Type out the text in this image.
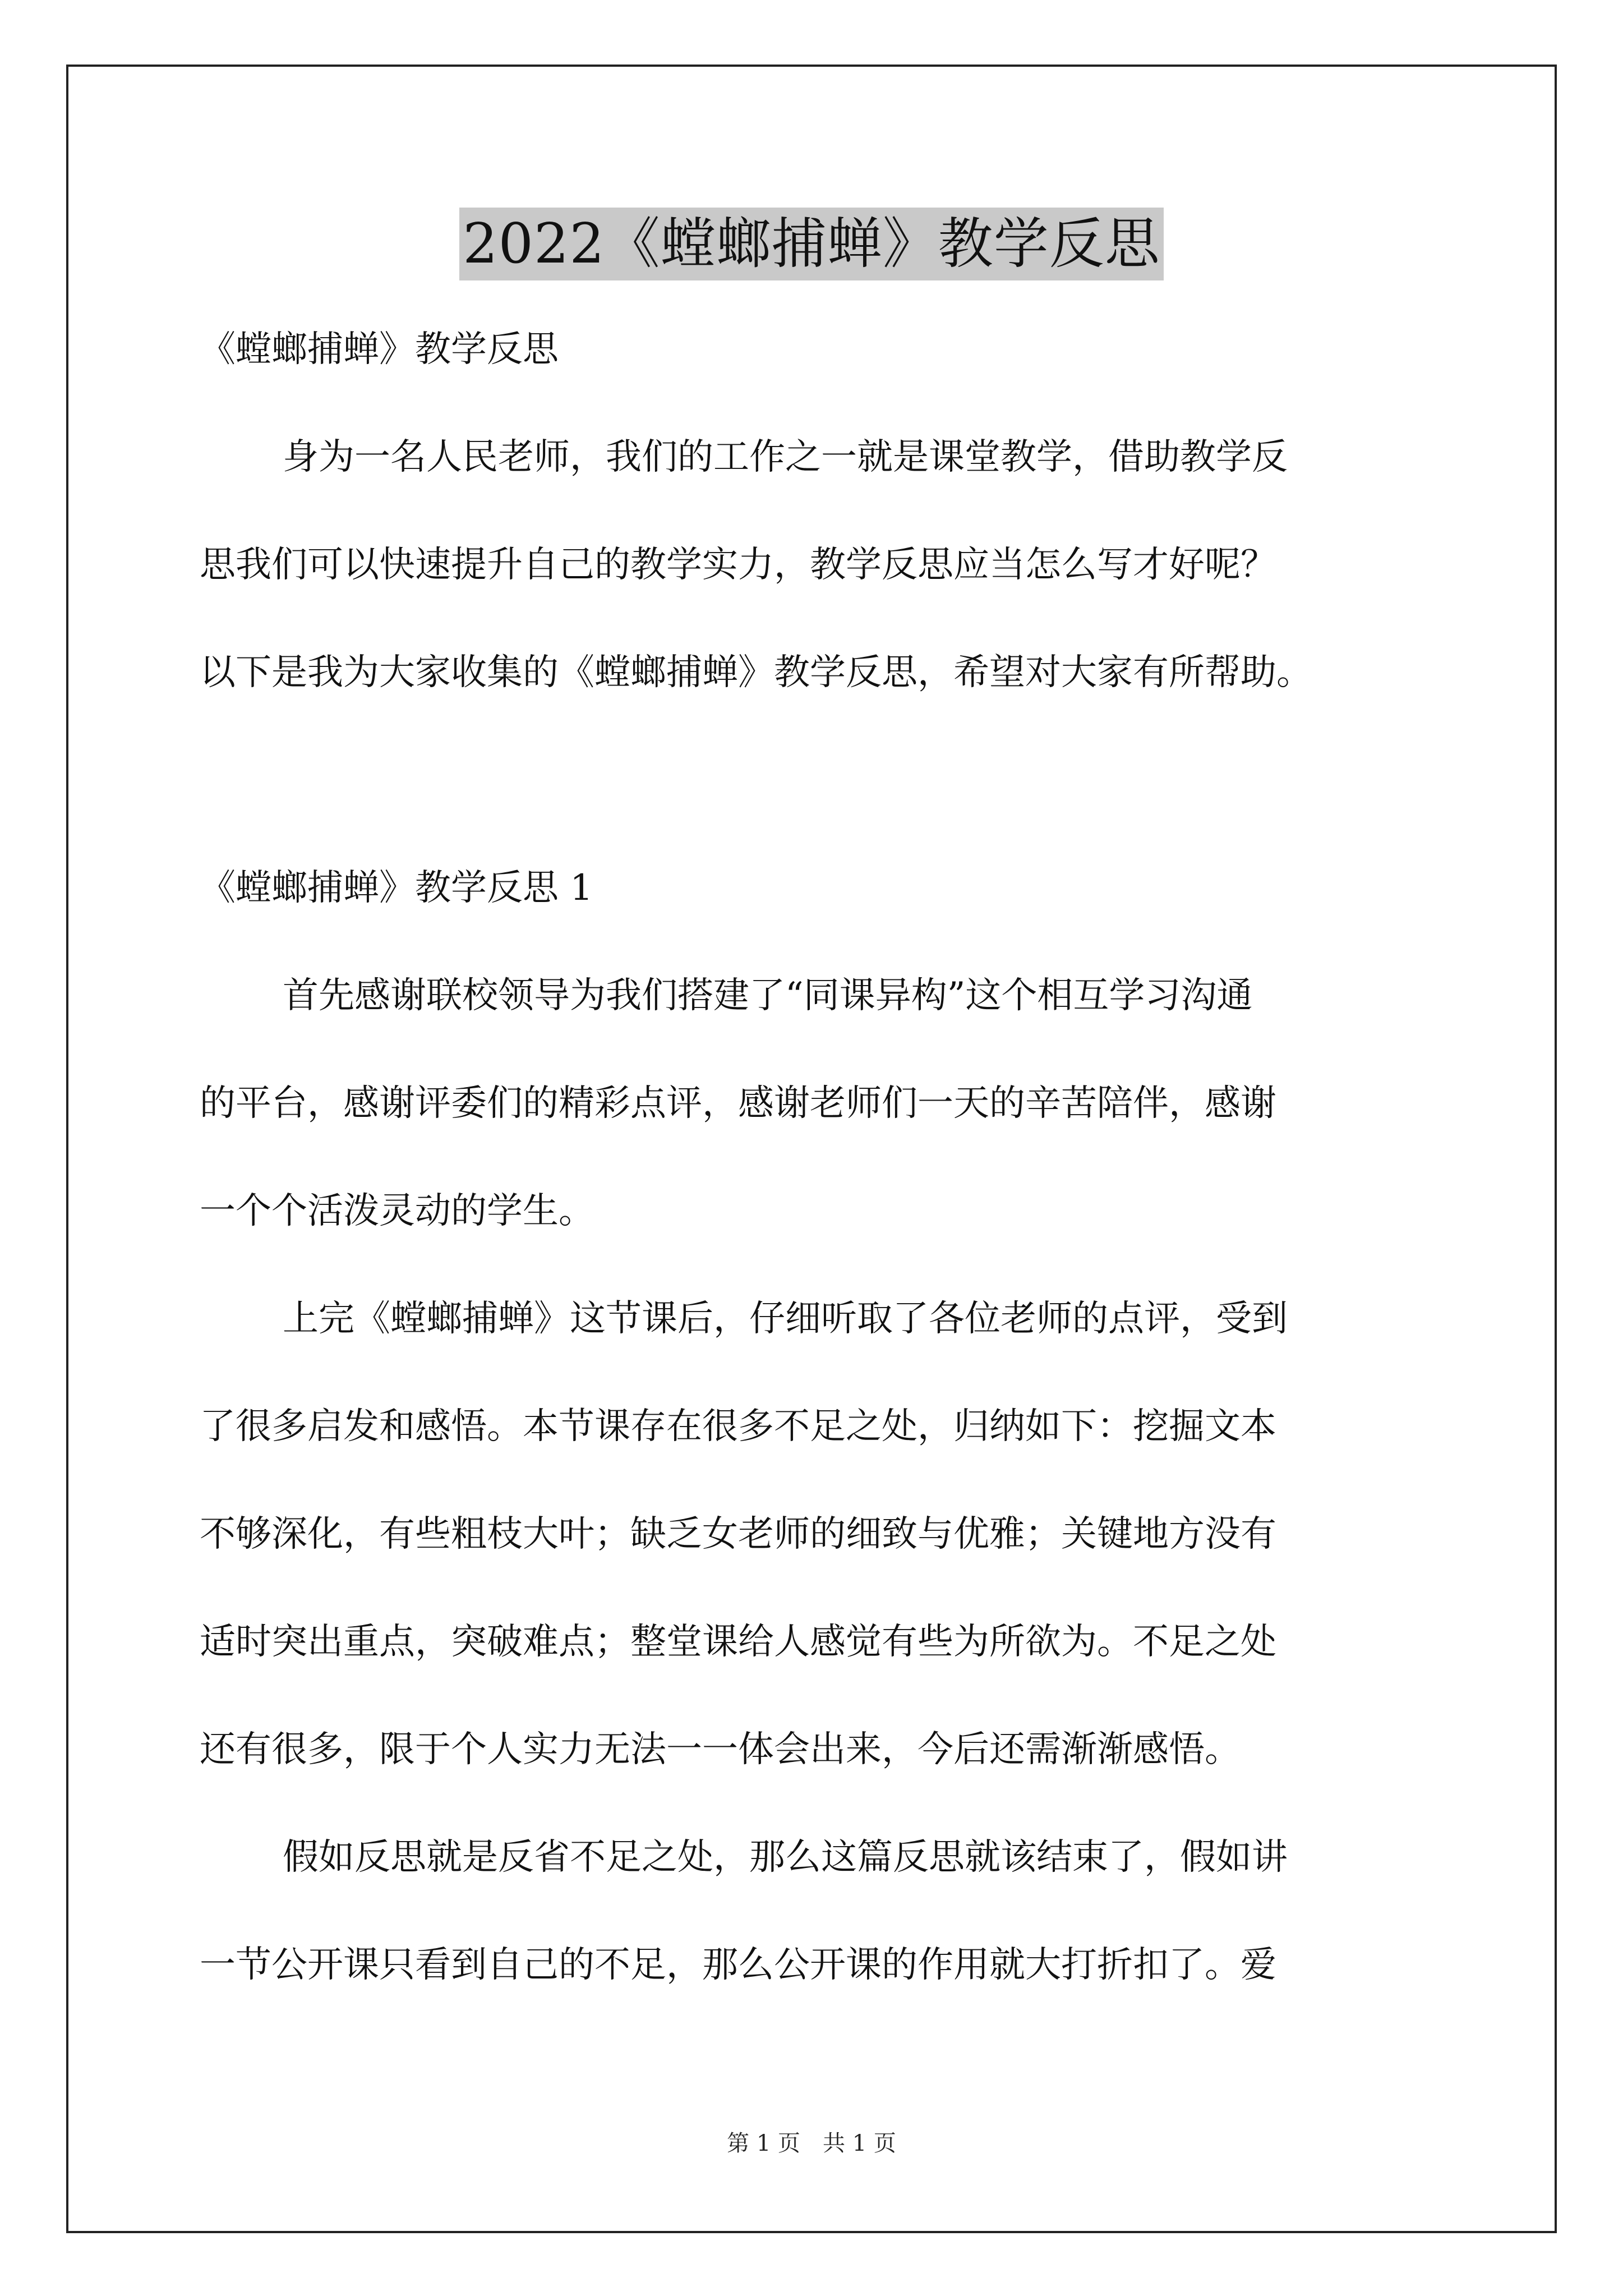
2022《螳螂捕蝉》教学反思

《螳螂捕蝉》教学反思

身为一名人民老师，我们的工作之一就是课堂教学，借助教学反

思我们可以快速提升自己的教学实力，教学反思应当怎么写才好呢？

以下是我为大家收集的《螳螂捕蝉》教学反思，希望对大家有所帮助。

《螳螂捕蝉》教学反思 1

首先感谢联校领导为我们搭建了“同课异构”这个相互学习沟通

的平台，感谢评委们的精彩点评，感谢老师们一天的辛苦陪伴，感谢

一个个活泼灵动的学生。

上完《螳螂捕蝉》这节课后，仔细听取了各位老师的点评，受到

了很多启发和感悟。本节课存在很多不足之处，归纳如下：挖掘文本

不够深化，有些粗枝大叶；缺乏女老师的细致与优雅；关键地方没有

适时突出重点，突破难点；整堂课给人感觉有些为所欲为。不足之处

还有很多，限于个人实力无法一一体会出来，今后还需渐渐感悟。

假如反思就是反省不足之处，那么这篇反思就该结束了，假如讲

一节公开课只看到自己的不足，那么公开课的作用就大打折扣了。爱

第 1 页 共 1 页
